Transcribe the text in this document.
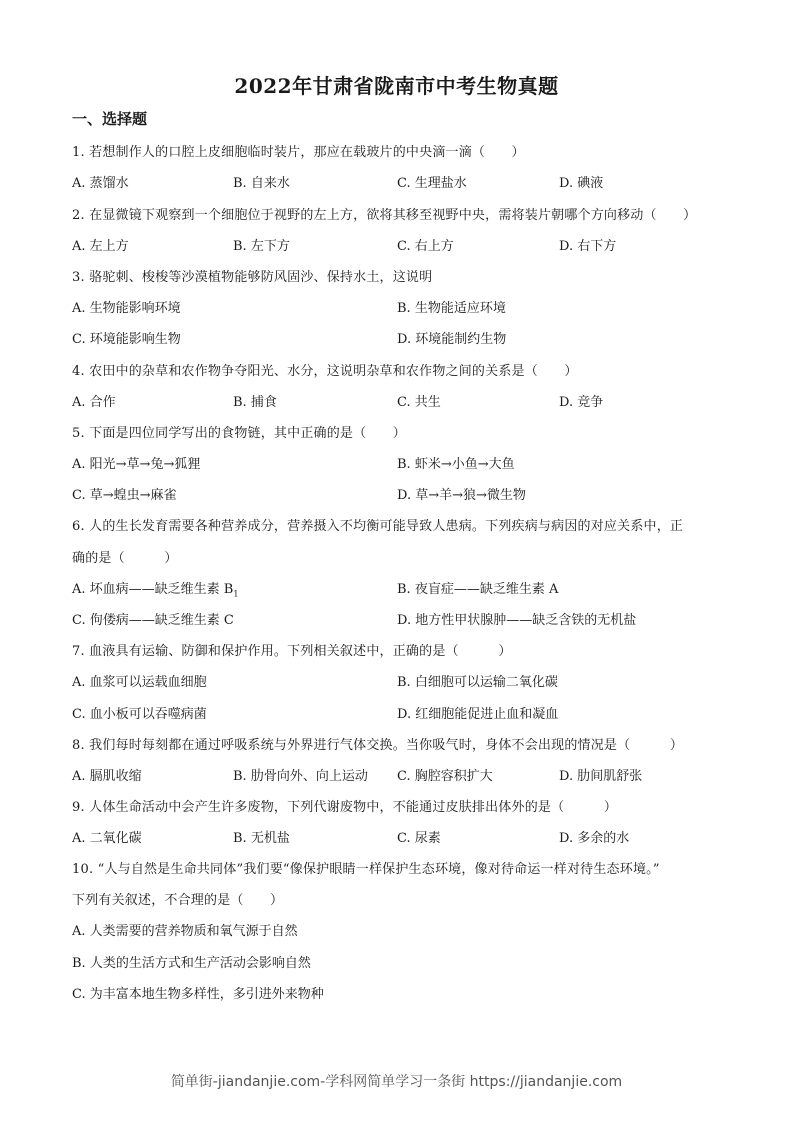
2022年甘肃省陇南市中考生物真题
一、选择题
1. 若想制作人的口腔上皮细胞临时装片，那应在载玻片的中央滴一滴（　　）
A. 蒸馏水	B. 自来水	C. 生理盐水	D. 碘液
2. 在显微镜下观察到一个细胞位于视野的左上方，欲将其移至视野中央，需将装片朝哪个方向移动（　　）
A. 左上方	B. 左下方	C. 右上方	D. 右下方
3. 骆驼刺、梭梭等沙漠植物能够防风固沙、保持水土，这说明
A. 生物能影响环境	B. 生物能适应环境
C. 环境能影响生物	D. 环境能制约生物
4. 农田中的杂草和农作物争夺阳光、水分，这说明杂草和农作物之间的关系是（　　）
A. 合作	B. 捕食	C. 共生	D. 竞争
5. 下面是四位同学写出的食物链，其中正确的是（　　）
A. 阳光→草→兔→狐狸	B. 虾米→小鱼→大鱼
C. 草→蝗虫→麻雀	D. 草→羊→狼→微生物
6. 人的生长发育需要各种营养成分，营养摄入不均衡可能导致人患病。下列疾病与病因的对应关系中，正
确的是（　　　）
A. 坏血病——缺乏维生素 $B_1$	B. 夜盲症——缺乏维生素 A
C. 佝偻病——缺乏维生素 C	D. 地方性甲状腺肿——缺乏含铁的无机盐
7. 血液具有运输、防御和保护作用。下列相关叙述中，正确的是（　　　）
A. 血浆可以运载血细胞	B. 白细胞可以运输二氧化碳
C. 血小板可以吞噬病菌	D. 红细胞能促进止血和凝血
8. 我们每时每刻都在通过呼吸系统与外界进行气体交换。当你吸气时，身体不会出现的情况是（　　　）
A. 膈肌收缩	B. 肋骨向外、向上运动 C. 胸腔容积扩大	D. 肋间肌舒张
9. 人体生命活动中会产生许多废物，下列代谢废物中，不能通过皮肤排出体外的是（　　　）
A. 二氧化碳	B. 无机盐	C. 尿素	D. 多余的水
10. “人与自然是生命共同体”我们要“像保护眼睛一样保护生态环境，像对待命运一样对待生态环境。”
下列有关叙述，不合理的是（　　）
A. 人类需要的营养物质和氧气源于自然
B. 人类的生活方式和生产活动会影响自然
C. 为丰富本地生物多样性，多引进外来物种
简单街-jiandanjie.com-学科网简单学习一条街 https://jiandanjie.com
